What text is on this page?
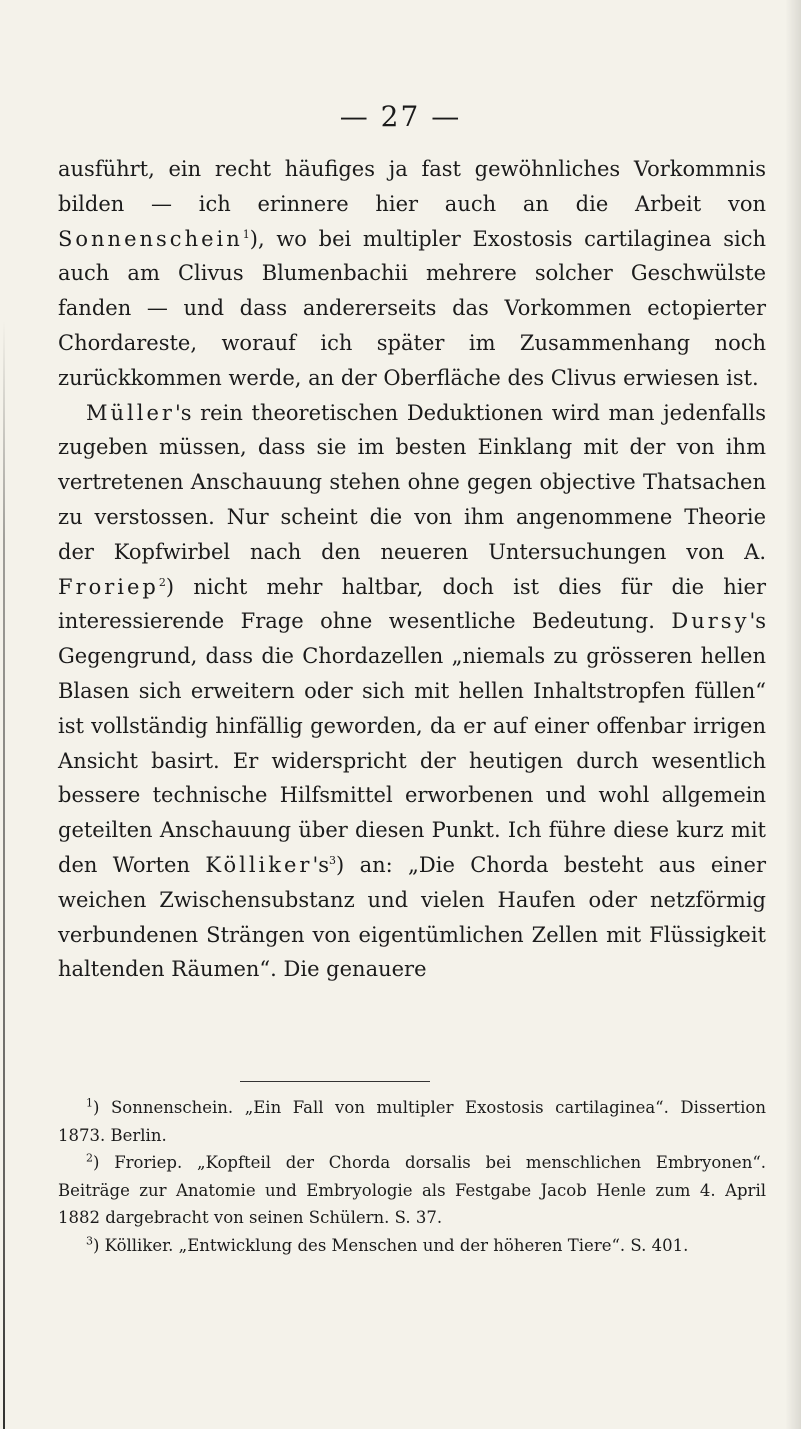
— 27 —

ausführt, ein recht häufiges ja fast gewöhnliches Vorkommnis bilden — ich erinnere hier auch an die Arbeit von Sonnenschein$^1$), wo bei multipler Exostosis cartilaginea sich auch am Clivus Blumenbachii mehrere solcher Geschwülste fanden — und dass andererseits das Vorkommen ectopierter Chordareste, worauf ich später im Zusammenhang noch zurückkommen werde, an der Oberfläche des Clivus erwiesen ist.

Müller's rein theoretischen Deduktionen wird man jedenfalls zugeben müssen, dass sie im besten Einklang mit der von ihm vertretenen Anschauung stehen ohne gegen objective Thatsachen zu verstossen. Nur scheint die von ihm angenommene Theorie der Kopfwirbel nach den neueren Untersuchungen von A. Froriep$^2$) nicht mehr haltbar, doch ist dies für die hier interessierende Frage ohne wesentliche Bedeutung. Dursy's Gegengrund, dass die Chordazellen „niemals zu grösseren hellen Blasen sich erweitern oder sich mit hellen Inhaltstropfen füllen“ ist vollständig hinfällig geworden, da er auf einer offenbar irrigen Ansicht basirt. Er widerspricht der heutigen durch wesentlich bessere technische Hilfsmittel erworbenen und wohl allgemein geteilten Anschauung über diesen Punkt. Ich führe diese kurz mit den Worten Kölliker's$^3$) an: „Die Chorda besteht aus einer weichen Zwischensubstanz und vielen Haufen oder netzförmig verbundenen Strängen von eigentümlichen Zellen mit Flüssigkeit haltenden Räumen“. Die genauere

$^1$) Sonnenschein. „Ein Fall von multipler Exostosis cartilaginea“. Dissertion 1873. Berlin.

$^2$) Froriep. „Kopfteil der Chorda dorsalis bei menschlichen Embryonen“. Beiträge zur Anatomie und Embryologie als Festgabe Jacob Henle zum 4. April 1882 dargebracht von seinen Schülern. S. 37.

$^3$) Kölliker. „Entwicklung des Menschen und der höheren Tiere“. S. 401.
